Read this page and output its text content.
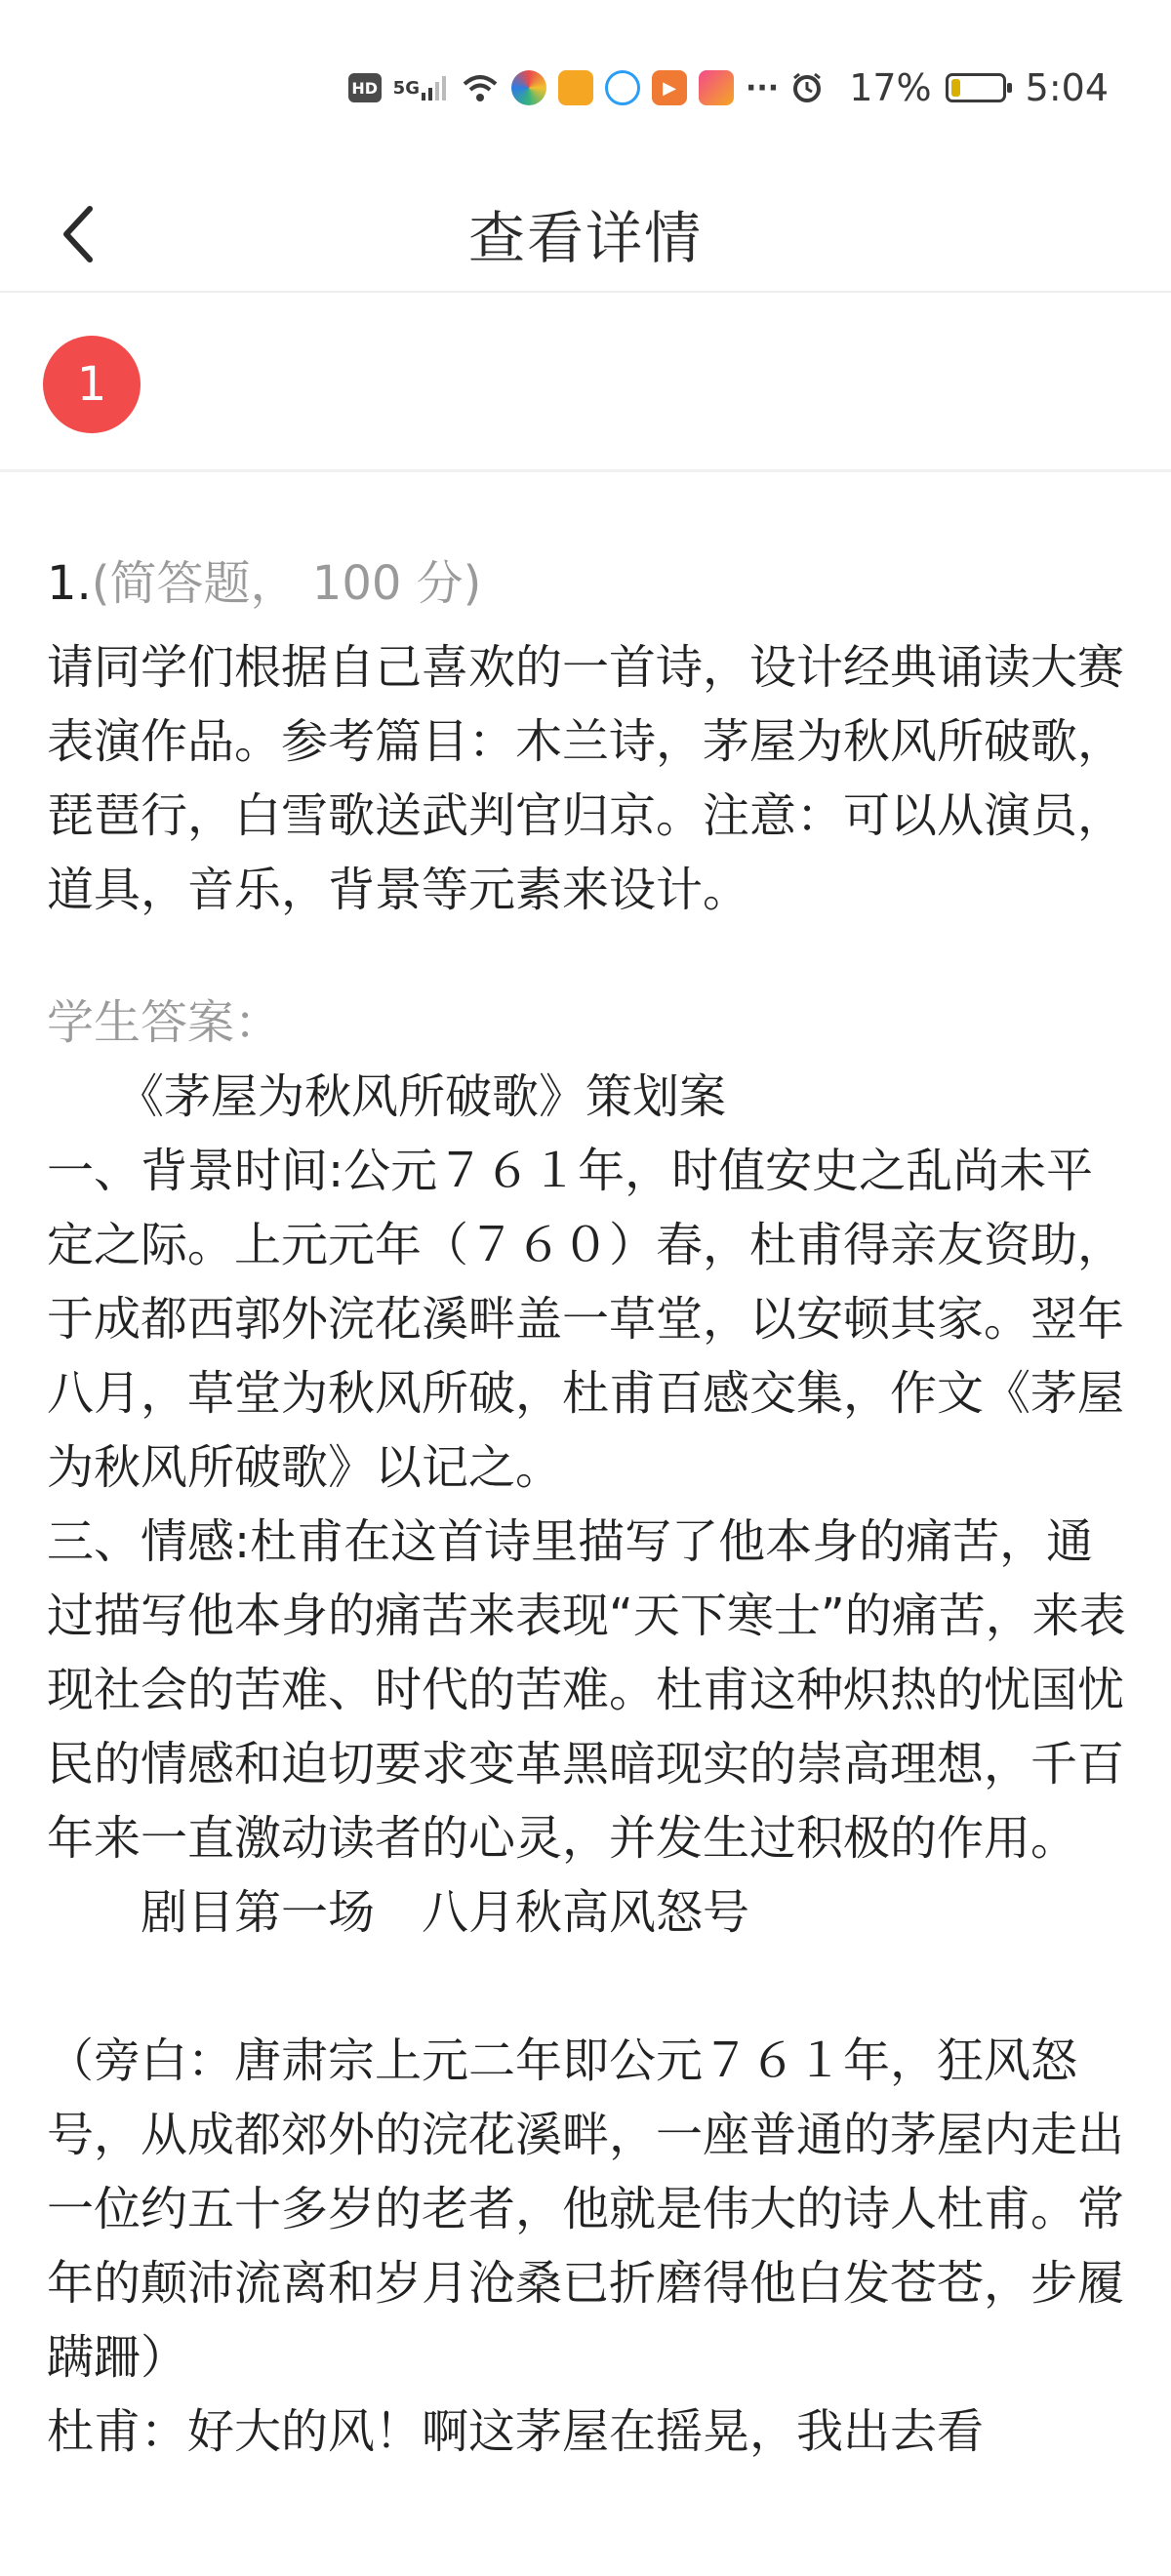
HD 5G	▶	··· 17%	5:04
查看详情
1

1.(简答题， 100 分)

请同学们根据自己喜欢的一首诗，设计经典诵读大赛表演作品。参考篇目：木兰诗，茅屋为秋风所破歌，琵琶行，白雪歌送武判官归京。注意：可以从演员，道具，音乐，背景等元素来设计。

学生答案：

　　《茅屋为秋风所破歌》策划案

一、背景时间:公元７６１年，时值安史之乱尚未平定之际。上元元年（７６０）春，杜甫得亲友资助，于成都西郭外浣花溪畔盖一草堂，以安顿其家。翌年八月，草堂为秋风所破，杜甫百感交集，作文《茅屋为秋风所破歌》以记之。

三、情感:杜甫在这首诗里描写了他本身的痛苦，通过描写他本身的痛苦来表现“天下寒士”的痛苦，来表现社会的苦难、时代的苦难。杜甫这种炽热的忧国忧民的情感和迫切要求变革黑暗现实的崇高理想，千百年来一直激动读者的心灵，并发生过积极的作用。

　　剧目第一场　八月秋高风怒号

（旁白：唐肃宗上元二年即公元７６１年，狂风怒号，从成都郊外的浣花溪畔，一座普通的茅屋内走出一位约五十多岁的老者，他就是伟大的诗人杜甫。常年的颠沛流离和岁月沧桑已折磨得他白发苍苍，步履蹒跚）

杜甫：好大的风！啊这茅屋在摇晃，我出去看
